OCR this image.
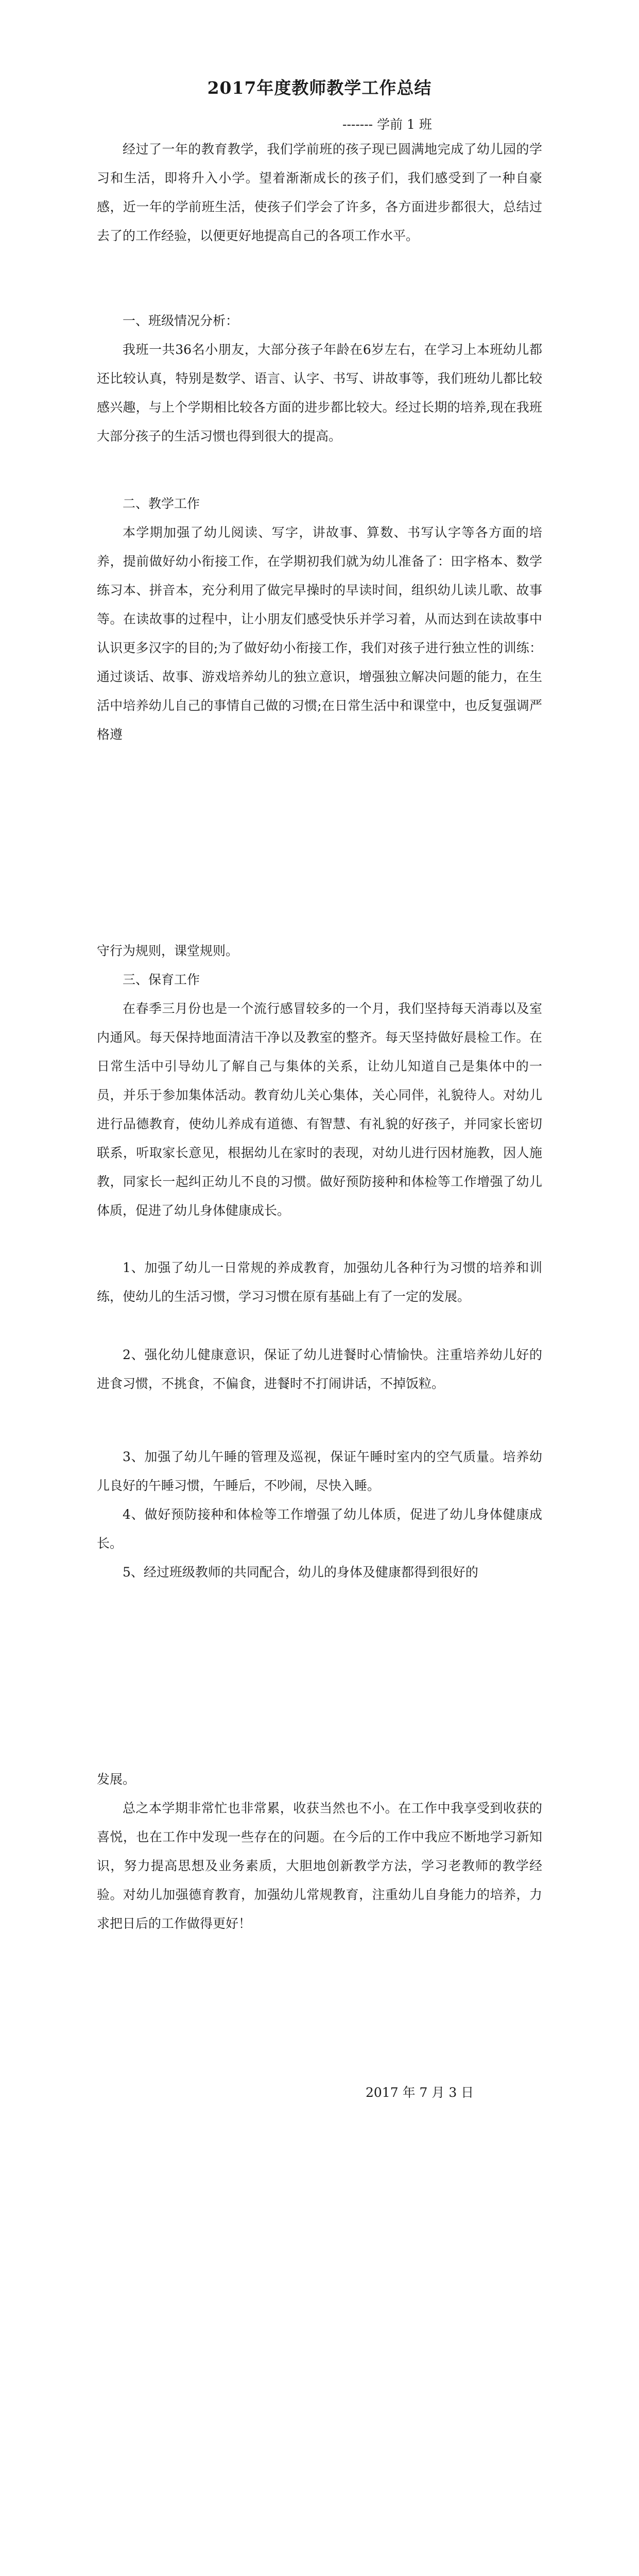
2017年度教师教学工作总结

------- 学前 1 班

经过了一年的教育教学，我们学前班的孩子现已圆满地完成了幼儿园的学习和生活，即将升入小学。望着渐渐成长的孩子们，我们感受到了一种自豪感，近一年的学前班生活，使孩子们学会了许多，各方面进步都很大，总结过去了的工作经验，以便更好地提高自己的各项工作水平。

一、班级情况分析：

我班一共36名小朋友，大部分孩子年龄在6岁左右，在学习上本班幼儿都还比较认真，特别是数学、语言、认字、书写、讲故事等，我们班幼儿都比较感兴趣，与上个学期相比较各方面的进步都比较大。经过长期的培养,现在我班大部分孩子的生活习惯也得到很大的提高。

二、教学工作

本学期加强了幼儿阅读、写字，讲故事、算数、书写认字等各方面的培养，提前做好幼小衔接工作，在学期初我们就为幼儿准备了：田字格本、数学练习本、拼音本，充分利用了做完早操时的早读时间，组织幼儿读儿歌、故事等。在读故事的过程中，让小朋友们感受快乐并学习着，从而达到在读故事中认识更多汉字的目的;为了做好幼小衔接工作，我们对孩子进行独立性的训练：通过谈话、故事、游戏培养幼儿的独立意识，增强独立解决问题的能力，在生活中培养幼儿自己的事情自己做的习惯;在日常生活中和课堂中，也反复强调严格遵

守行为规则，课堂规则。

三、保育工作

在春季三月份也是一个流行感冒较多的一个月，我们坚持每天消毒以及室内通风。每天保持地面清洁干净以及教室的整齐。每天坚持做好晨检工作。在日常生活中引导幼儿了解自己与集体的关系，让幼儿知道自己是集体中的一员，并乐于参加集体活动。教育幼儿关心集体，关心同伴，礼貌待人。对幼儿进行品德教育，使幼儿养成有道德、有智慧、有礼貌的好孩子，并同家长密切联系，听取家长意见，根据幼儿在家时的表现，对幼儿进行因材施教，因人施教，同家长一起纠正幼儿不良的习惯。做好预防接种和体检等工作增强了幼儿体质，促进了幼儿身体健康成长。

1、加强了幼儿一日常规的养成教育，加强幼儿各种行为习惯的培养和训练，使幼儿的生活习惯，学习习惯在原有基础上有了一定的发展。

2、强化幼儿健康意识，保证了幼儿进餐时心情愉快。注重培养幼儿好的进食习惯，不挑食，不偏食，进餐时不打闹讲话，不掉饭粒。

3、加强了幼儿午睡的管理及巡视，保证午睡时室内的空气质量。培养幼儿良好的午睡习惯，午睡后，不吵闹，尽快入睡。

4、做好预防接种和体检等工作增强了幼儿体质，促进了幼儿身体健康成长。

5、经过班级教师的共同配合，幼儿的身体及健康都得到很好的

发展。

总之本学期非常忙也非常累，收获当然也不小。在工作中我享受到收获的喜悦，也在工作中发现一些存在的问题。在今后的工作中我应不断地学习新知识，努力提高思想及业务素质，大胆地创新教学方法，学习老教师的教学经验。对幼儿加强德育教育，加强幼儿常规教育，注重幼儿自身能力的培养，力求把日后的工作做得更好！

2017 年 7 月 3 日
